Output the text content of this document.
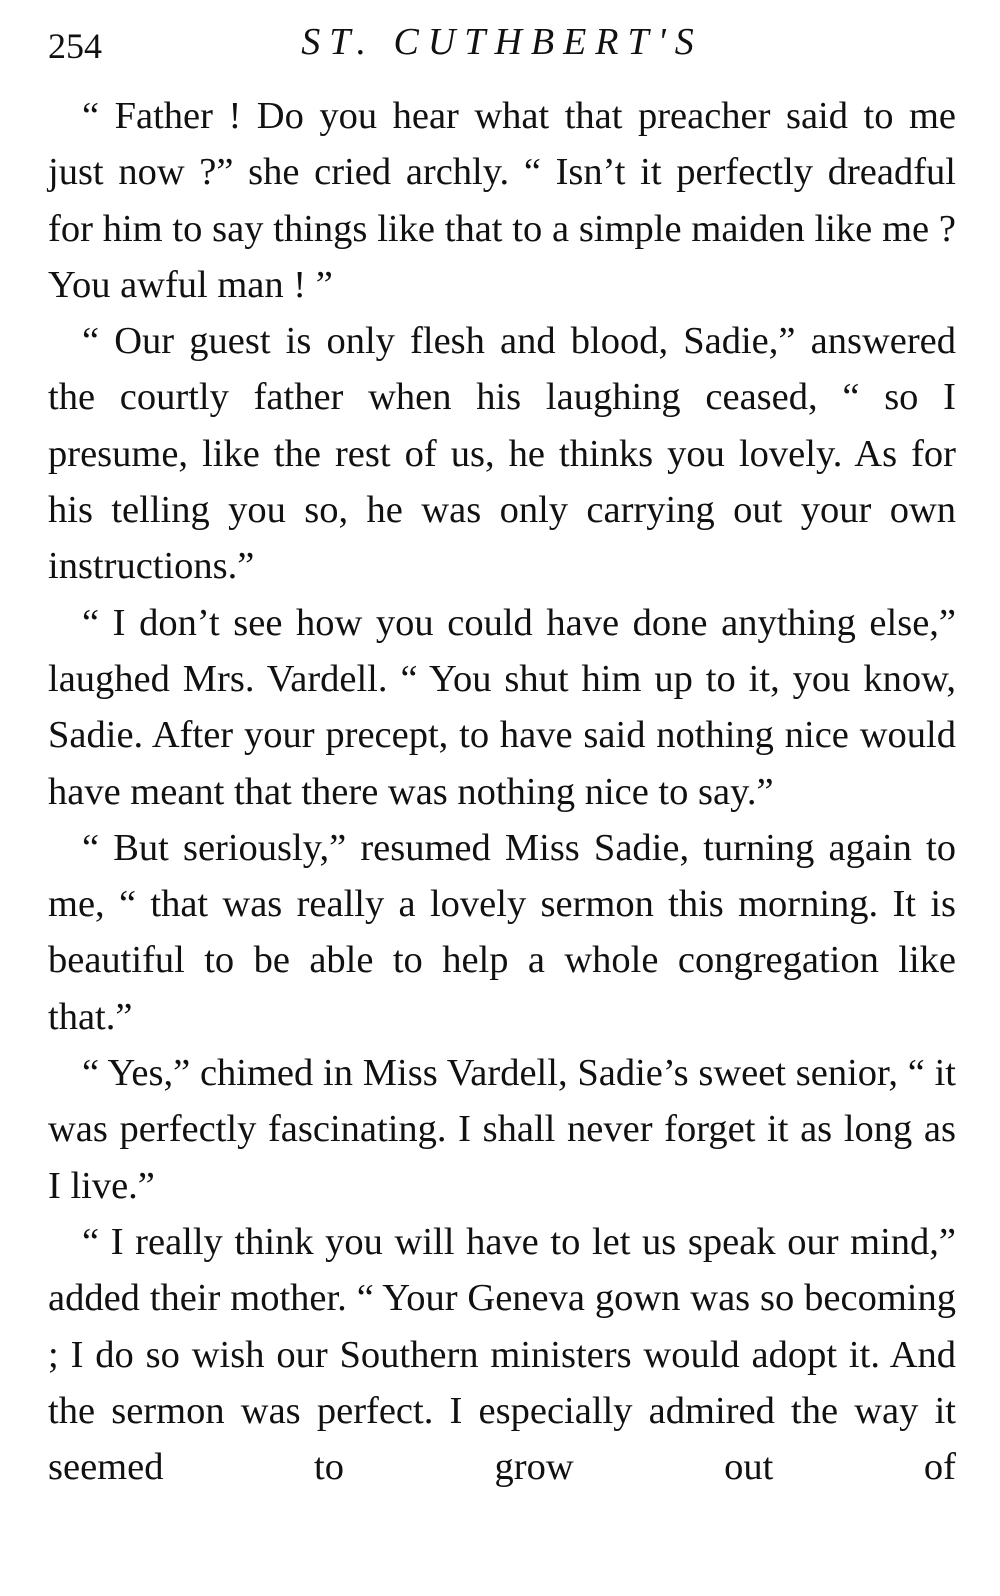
254	ST. CUTHBERT'S

“ Father ! Do you hear what that preacher said to me just now ?” she cried archly. “ Isn’t it perfectly dreadful for him to say things like that to a simple maiden like me ? You awful man ! ”

“ Our guest is only flesh and blood, Sadie,” answered the courtly father when his laughing ceased, “ so I presume, like the rest of us, he thinks you lovely. As for his telling you so, he was only carrying out your own instructions.”

“ I don’t see how you could have done anything else,” laughed Mrs. Vardell. “ You shut him up to it, you know, Sadie. After your precept, to have said nothing nice would have meant that there was nothing nice to say.”

“ But seriously,” resumed Miss Sadie, turning again to me, “ that was really a lovely sermon this morning. It is beautiful to be able to help a whole congregation like that.”

“ Yes,” chimed in Miss Vardell, Sadie’s sweet senior, “ it was perfectly fascinating. I shall never forget it as long as I live.”

“ I really think you will have to let us speak our mind,” added their mother. “ Your Geneva gown was so becoming ; I do so wish our Southern ministers would adopt it. And the sermon was perfect. I especially admired the way it seemed to grow out of
